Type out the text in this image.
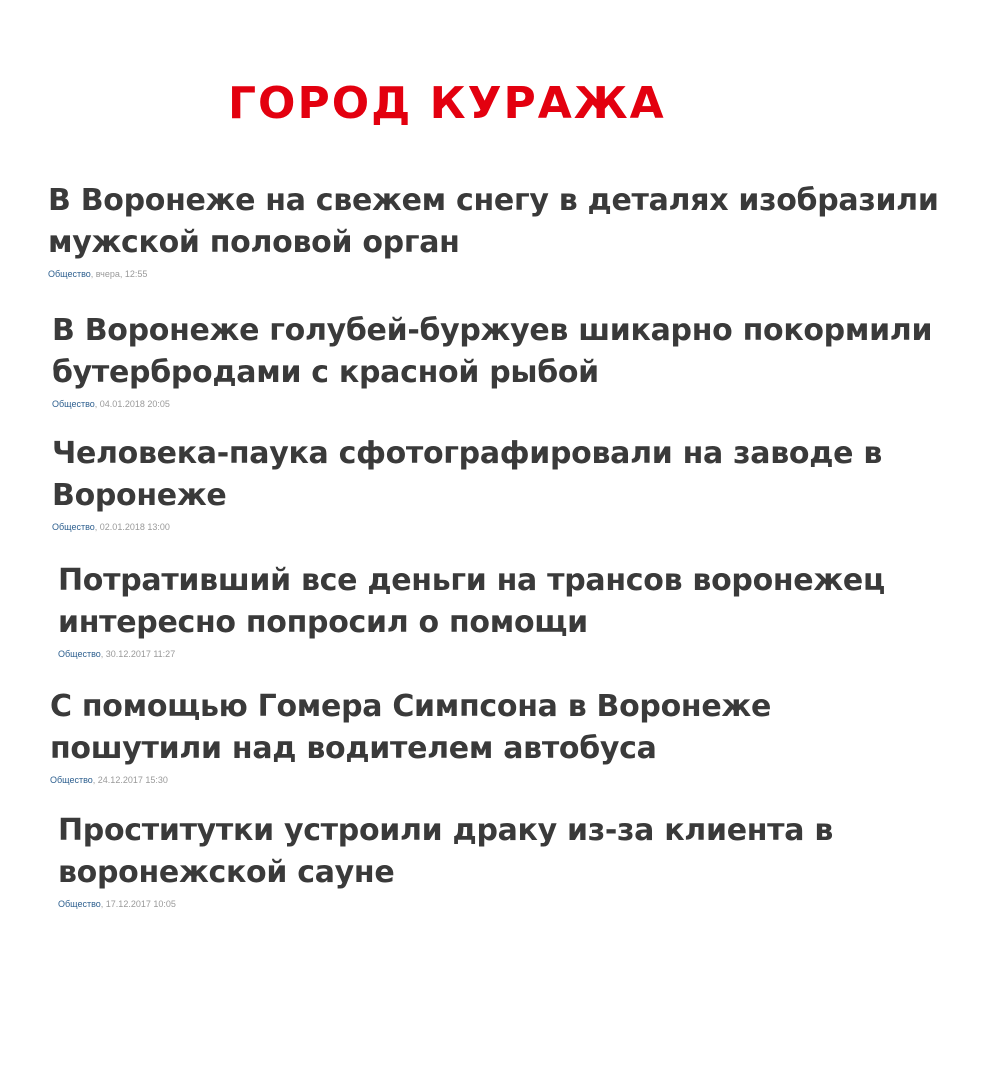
ГОРОД КУРАЖА
В Воронеже на свежем снегу в деталях изобразили мужской половой орган
Общество, вчера, 12:55
В Воронеже голубей-буржуев шикарно покормили бутербродами с красной рыбой
Общество, 04.01.2018 20:05
Человека-паука сфотографировали на заводе в Воронеже
Общество, 02.01.2018 13:00
Потративший все деньги на трансов воронежец интересно попросил о помощи
Общество, 30.12.2017 11:27
С помощью Гомера Симпсона в Воронеже пошутили над водителем автобуса
Общество, 24.12.2017 15:30
Проститутки устроили драку из-за клиента в воронежской сауне
Общество, 17.12.2017 10:05
